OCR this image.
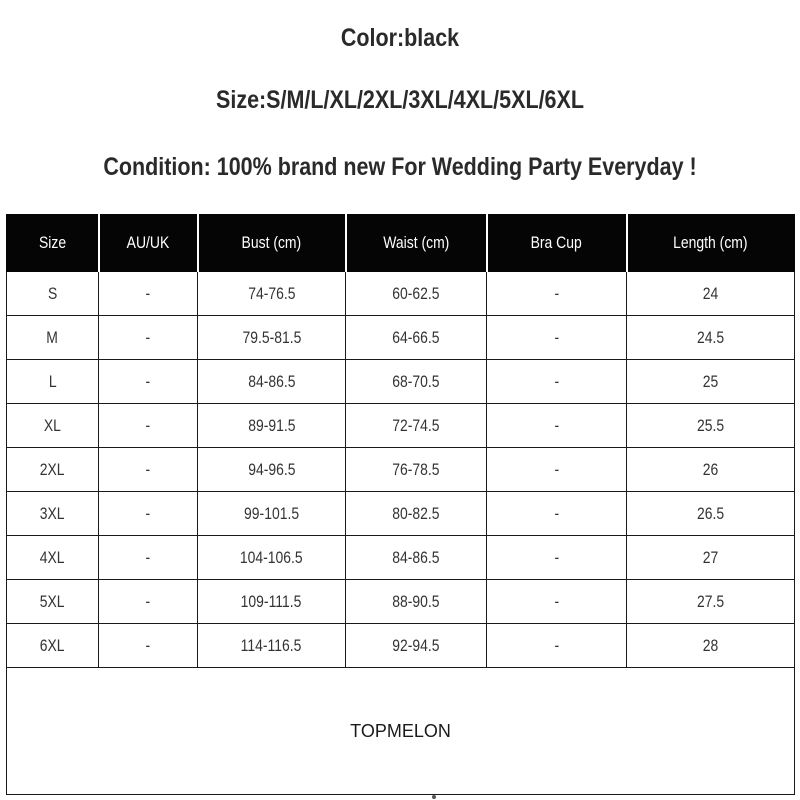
Color:black
Size:S/M/L/XL/2XL/3XL/4XL/5XL/6XL
Condition: 100% brand new For Wedding Party Everyday !
Size	AU/UK	Bust (cm)	Waist (cm)	Bra Cup	Length (cm)
S	-	74-76.5	60-62.5	-	24
M	-	79.5-81.5	64-66.5	-	24.5
L	-	84-86.5	68-70.5	-	25
XL	-	89-91.5	72-74.5	-	25.5
2XL	-	94-96.5	76-78.5	-	26
3XL	-	99-101.5	80-82.5	-	26.5
4XL	-	104-106.5	84-86.5	-	27
5XL	-	109-111.5	88-90.5	-	27.5
6XL	-	114-116.5	92-94.5	-	28
TOPMELON					
